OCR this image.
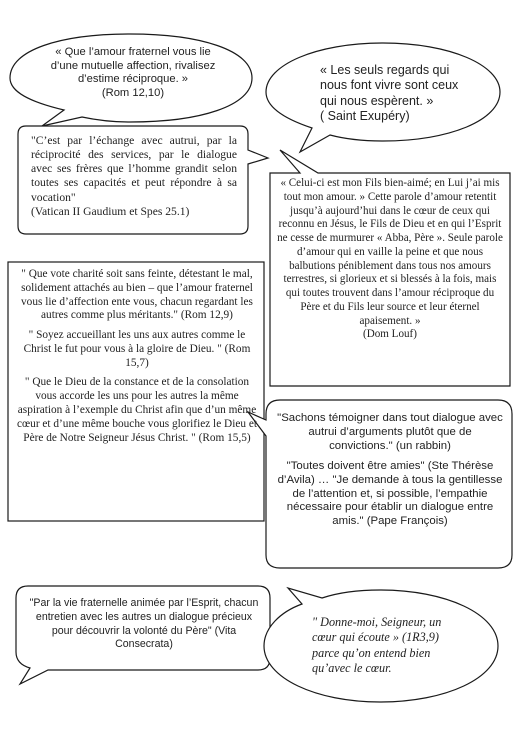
« Que l’amour fraternel vous lie d’une mutuelle affection, rivalisez d’estime réciproque. »

(Rom 12,10)

« Les seuls regards qui nous font vivre sont ceux qui nous espèrent. »

( Saint Exupéry)

"C’est par l’échange avec autrui, par la réciprocité des services, par le dialogue avec ses frères que l’homme grandit selon toutes ses capacités et peut répondre à sa vocation"

(Vatican II Gaudium et Spes 25.1)

« Celui-ci est mon Fils bien-aimé; en Lui j’ai mis tout mon amour. » Cette parole d’amour retentit jusqu’à aujourd’hui dans le cœur de ceux qui reconnu en Jésus, le Fils de Dieu et en qui l’Esprit ne cesse de murmurer « Abba, Père ». Seule parole d’amour qui en vaille la peine et que nous balbutions péniblement dans tous nos amours terrestres, si glorieux et si blessés à la fois, mais qui toutes trouvent dans l’amour réciproque du Père et du Fils leur source et leur éternel apaisement. »

(Dom Louf)

" Que vote charité soit sans feinte, détestant le mal, solidement attachés au bien – que l’amour fraternel vous lie d’affection ente vous, chacun regardant les autres comme plus méritants." (Rom 12,9)

" Soyez accueillant les uns aux autres comme le Christ le fut pour vous à la gloire de Dieu. " (Rom 15,7)

" Que le Dieu de la constance et de la consolation vous accorde les uns pour les autres la même aspiration à l’exemple du Christ afin que d’un même cœur et d’une même bouche vous glorifiez le Dieu et Père de Notre Seigneur Jésus Christ. " (Rom 15,5)

"Sachons témoigner dans tout dialogue avec autrui d’arguments plutôt que de convictions." (un rabbin)

"Toutes doivent être amies" (Ste Thérèse d’Avila) … "Je demande à tous la gentillesse de l’attention et, si possible, l’empathie nécessaire pour établir un dialogue entre amis." (Pape François)

"Par la vie fraternelle animée par l’Esprit, chacun entretien avec les autres un dialogue précieux pour découvrir la volonté du Père" (Vita Consecrata)

" Donne-moi, Seigneur, un cœur qui écoute » (1R3,9) parce qu’on entend bien qu’avec le cœur.
